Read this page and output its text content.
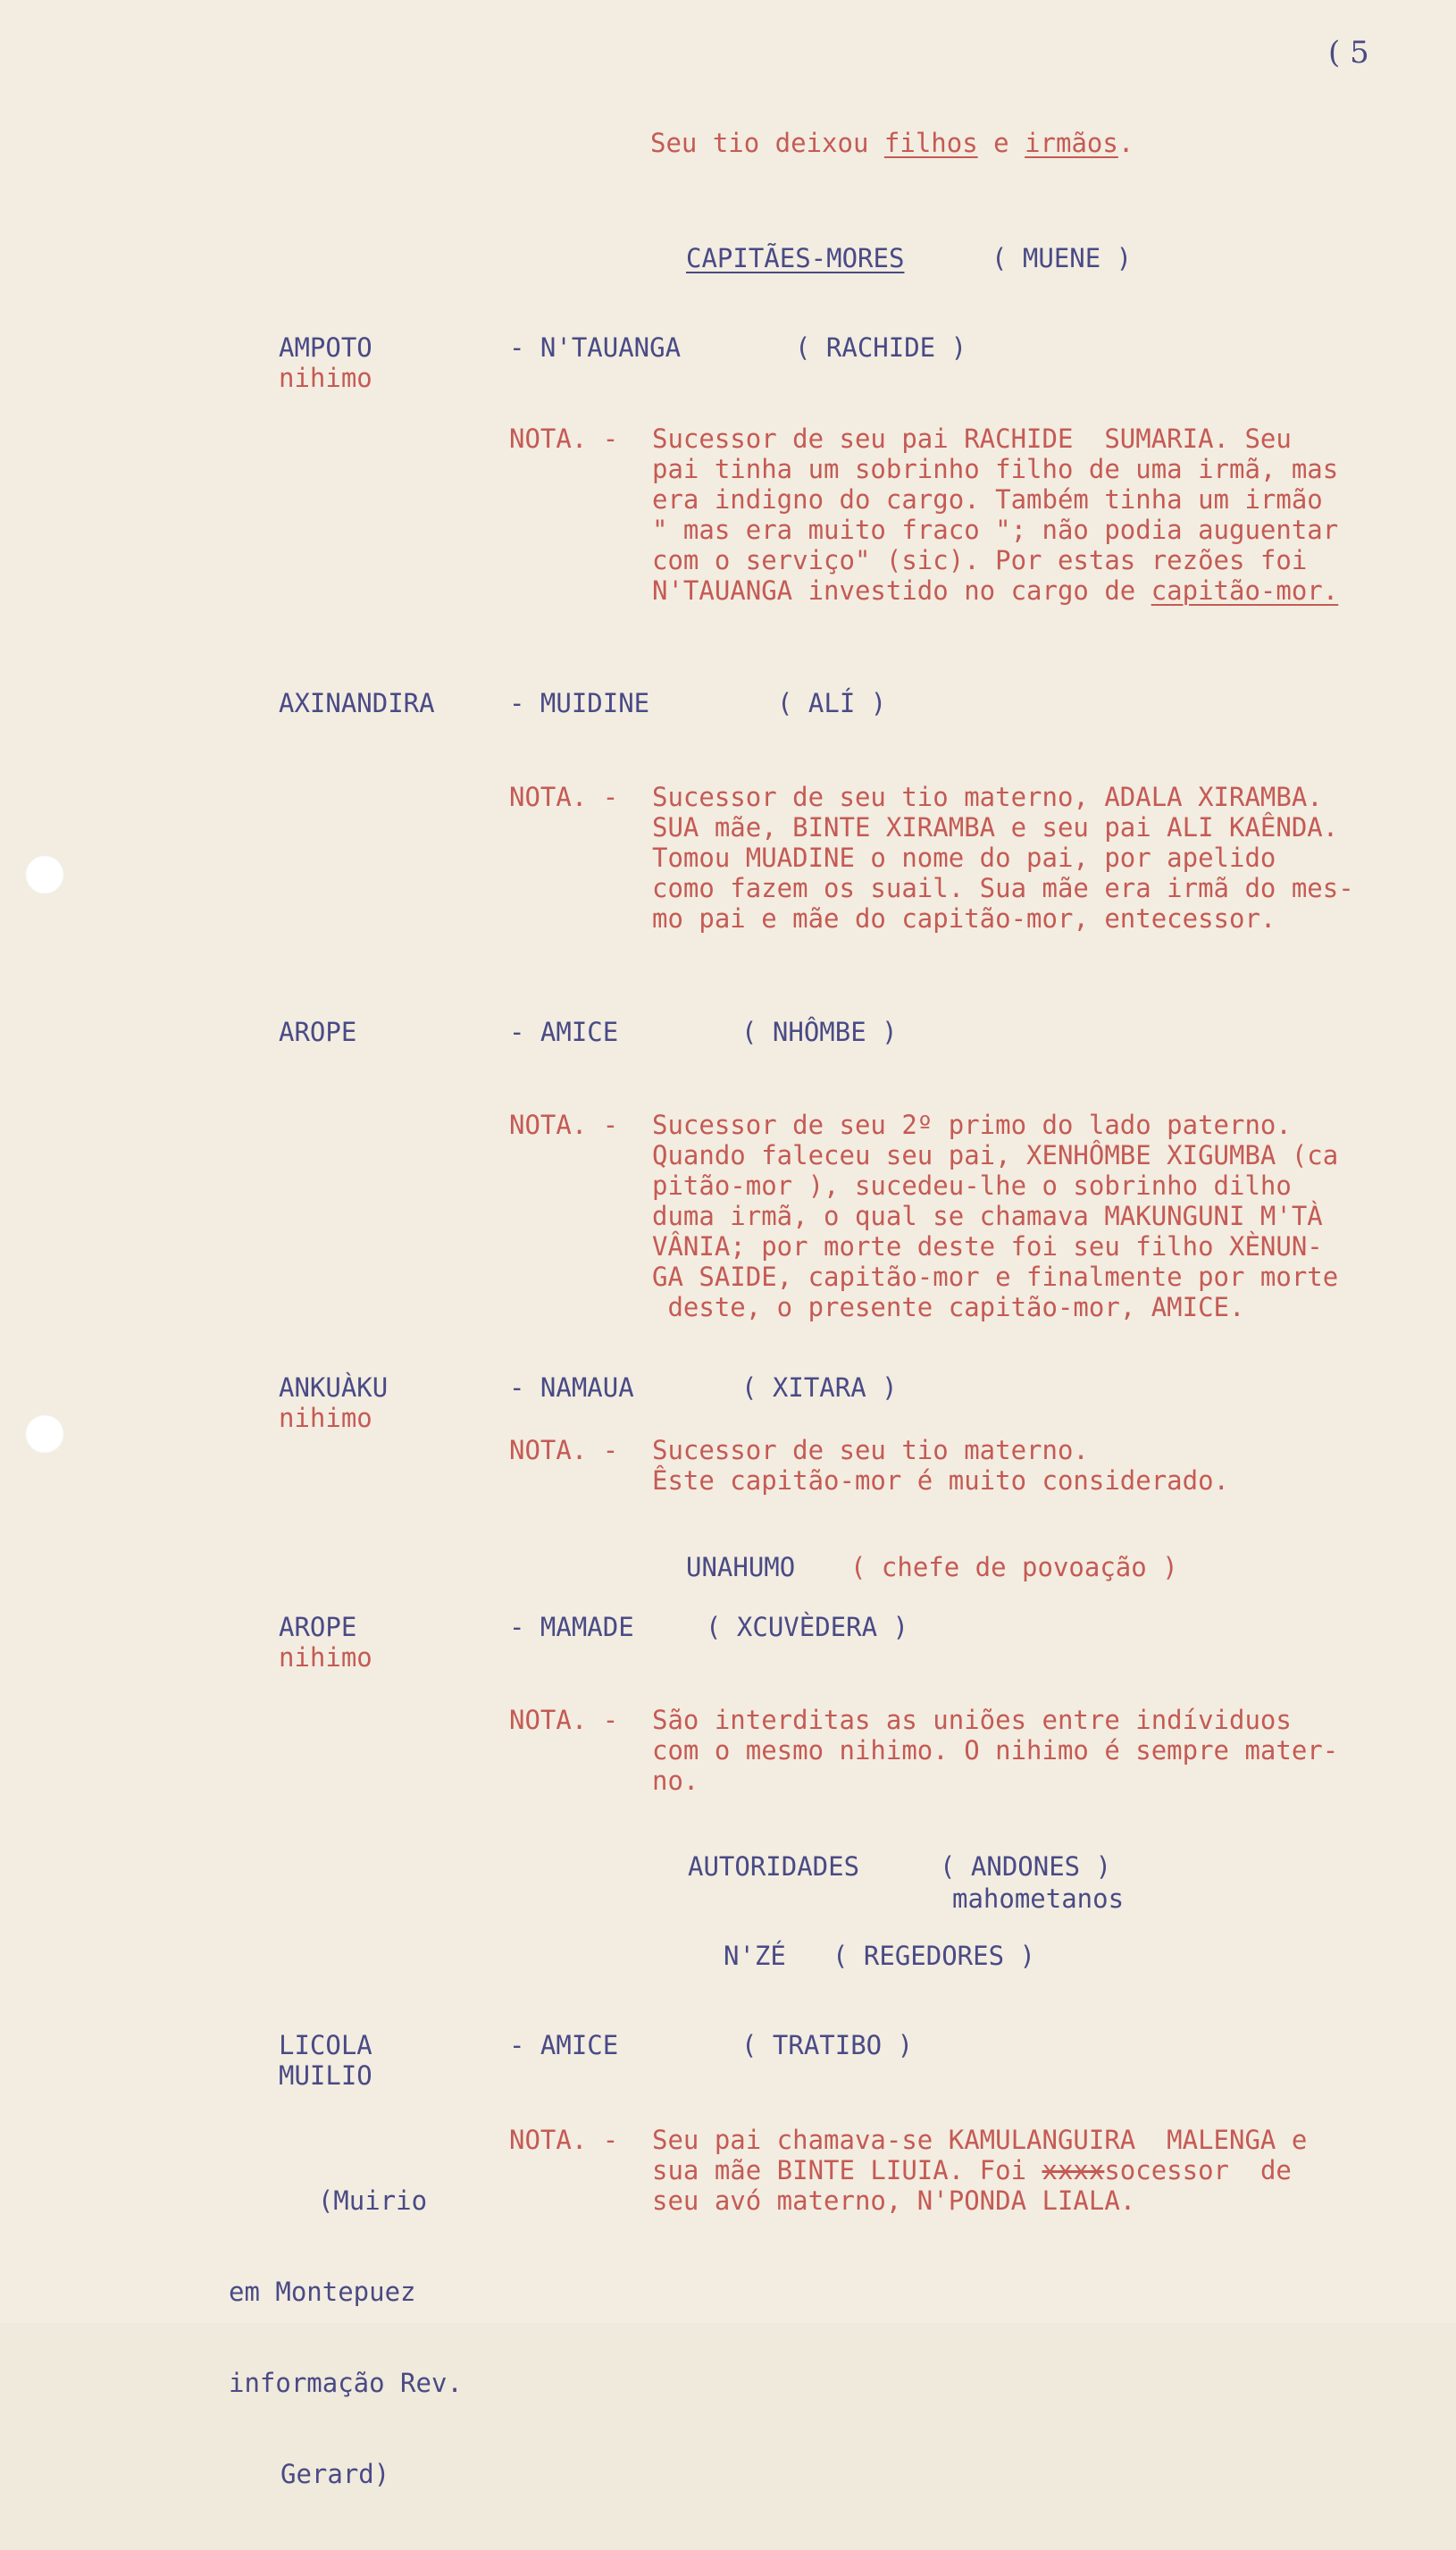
( 5
Seu tio deixou filhos e irmãos.
CAPITÃES-MORES	( MUENE )
AMPOTO
nihimo
- N'TAUANGA	( RACHIDE )
NOTA. - Sucessor de seu pai RACHIDE  SUMARIA. Seu
pai tinha um sobrinho filho de uma irmã, mas
era indigno do cargo. Também tinha um irmão
" mas era muito fraco "; não podia auguentar
com o serviço" (sic). Por estas rezões foi
N'TAUANGA investido no cargo de capitão-mor.
AXINANDIRA	- MUIDINE	( ALÍ )
NOTA. - Sucessor de seu tio materno, ADALA XIRAMBA.
SUA mãe, BINTE XIRAMBA e seu pai ALI KAÊNDA.
Tomou MUADINE o nome do pai, por apelido
como fazem os suail. Sua mãe era irmã do mes-
mo pai e mãe do capitão-mor, entecessor.
AROPE	- AMICE	( NHÔMBE )
NOTA. - Sucessor de seu 2º primo do lado paterno.
Quando faleceu seu pai, XENHÔMBE XIGUMBA (ca
pitão-mor ), sucedeu-lhe o sobrinho dilho
duma irmã, o qual se chamava MAKUNGUNI M'TÀ
VÂNIA; por morte deste foi seu filho XÈNUN-
GA SAIDE, capitão-mor e finalmente por morte
deste, o presente capitão-mor, AMICE.
ANKUÀKU
nihimo
- NAMAUA	( XITARA )
NOTA. - Sucessor de seu tio materno.
Êste capitão-mor é muito considerado.
UNAHUMO ( chefe de povoação )
AROPE
nihimo
- MAMADE	( XCUVÈDERA )
NOTA. - São interditas as uniões entre indíviduos
com o mesmo nihimo. O nihimo é sempre mater-
no.
AUTORIDADES	( ANDONES )
mahometanos
N'ZÉ ( REGEDORES )
LICOLA
MUILIO
- AMICE	( TRATIBO )

(Muirio

em Montepuez

informação Rev.

Gerard)

NOTA. - Seu pai chamava-se KAMULANGUIRA  MALENGA e
sua mãe BINTE LIUIA. Foi xxxxsocessor  de
seu avó materno, N'PONDA LIALA.
